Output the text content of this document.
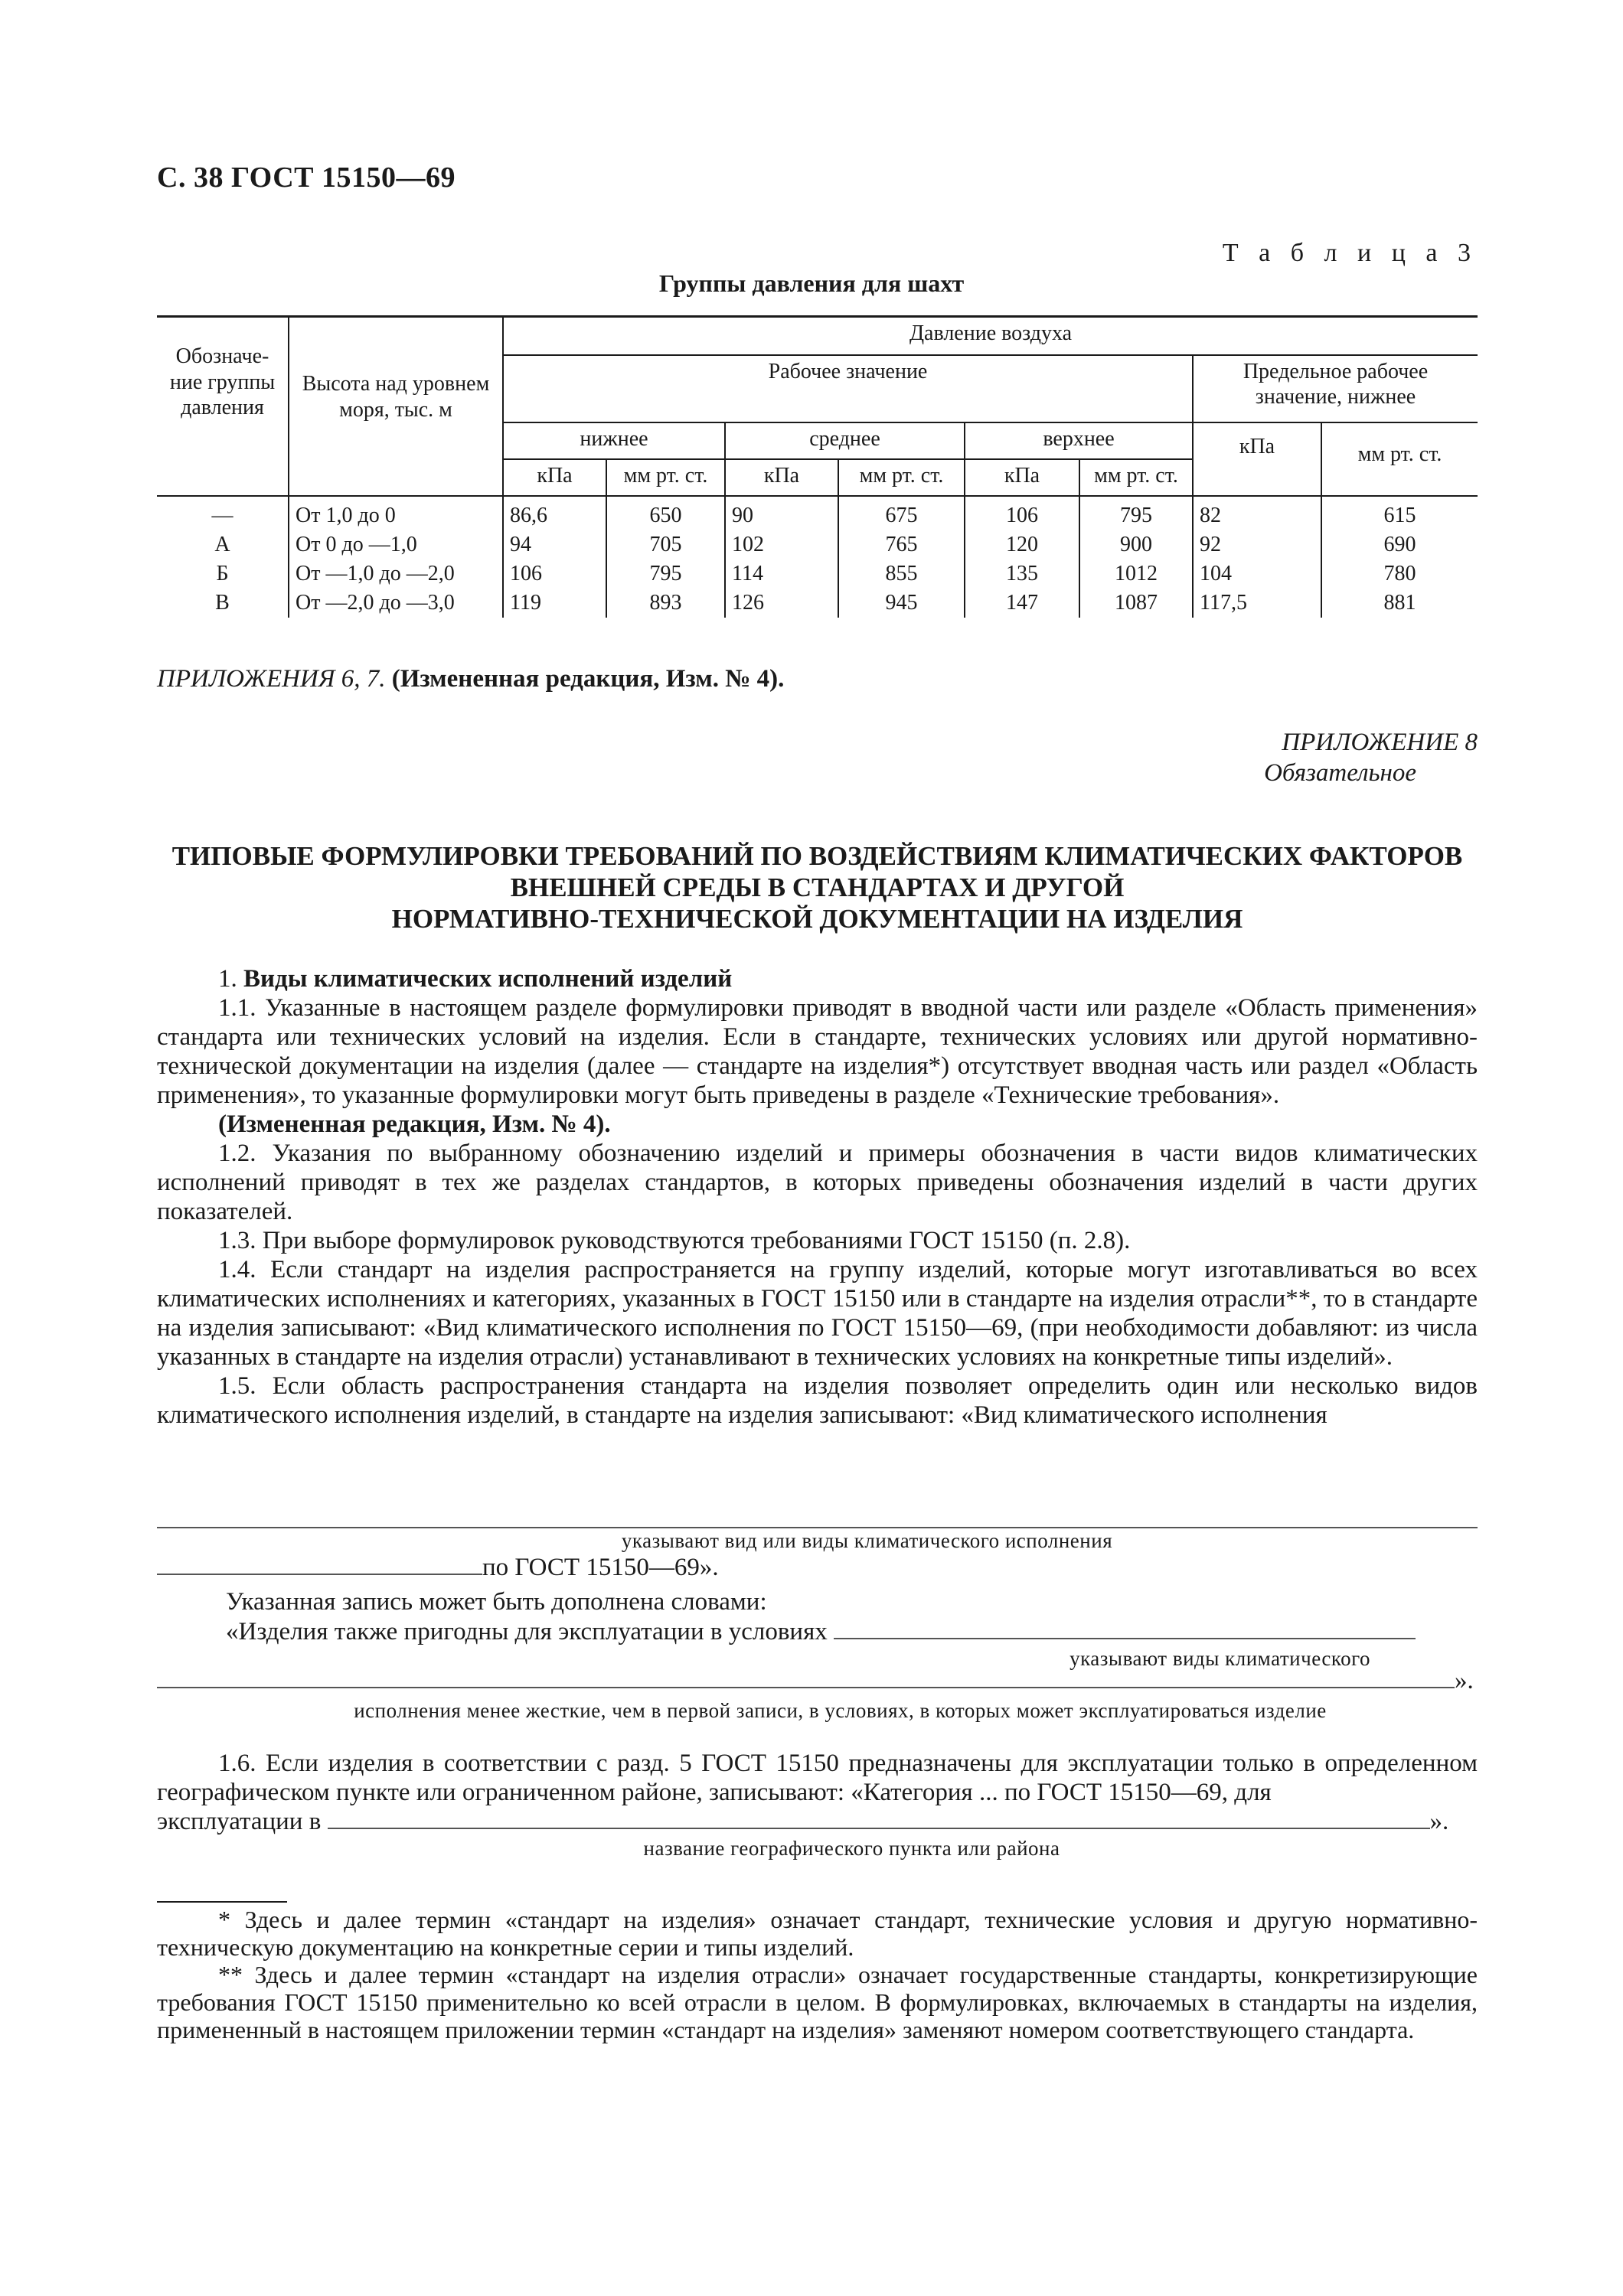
С. 38 ГОСТ 15150—69
Т а б л и ц а 3
Группы давления для шахт
Обозначе-ние группы давления	Высота над уровнем моря, тыс. м	Давление воздуха							
		Рабочее значение						Предельное рабочее значение, нижнее	
		нижнее		среднее		верхнее		кПа	мм рт. ст.
		кПа	мм рт. ст.	кПа	мм рт. ст.	кПа	мм рт. ст.		
—	От 1,0 до 0	86,6	650	90	675	106	795	82	615
А	От 0 до —1,0	94	705	102	765	120	900	92	690
Б	От —1,0 до —2,0	106	795	114	855	135	1012	104	780
В	От —2,0 до —3,0	119	893	126	945	147	1087	117,5	881
ПРИЛОЖЕНИЯ 6, 7. (Измененная редакция, Изм. № 4).
ПРИЛОЖЕНИЕ 8
Обязательное
ТИПОВЫЕ ФОРМУЛИРОВКИ ТРЕБОВАНИЙ ПО ВОЗДЕЙСТВИЯМ КЛИМАТИЧЕСКИХ ФАКТОРОВ
ВНЕШНЕЙ СРЕДЫ В СТАНДАРТАХ И ДРУГОЙ
НОРМАТИВНО-ТЕХНИЧЕСКОЙ ДОКУМЕНТАЦИИ НА ИЗДЕЛИЯ

1. Виды климатических исполнений изделий

1.1. Указанные в настоящем разделе формулировки приводят в вводной части или разделе «Область применения» стандарта или технических условий на изделия. Если в стандарте, технических условиях или другой нормативно-технической документации на изделия (далее — стандарте на изделия*) отсутствует вводная часть или раздел «Область применения», то указанные формулировки могут быть приведены в разделе «Технические требования».

(Измененная редакция, Изм. № 4).

1.2. Указания по выбранному обозначению изделий и примеры обозначения в части видов климатических исполнений приводят в тех же разделах стандартов, в которых приведены обозначения изделий в части других показателей.

1.3. При выборе формулировок руководствуются требованиями ГОСТ 15150 (п. 2.8).

1.4. Если стандарт на изделия распространяется на группу изделий, которые могут изготавливаться во всех климатических исполнениях и категориях, указанных в ГОСТ 15150 или в стандарте на изделия отрасли**, то в стандарте на изделия записывают: «Вид климатического исполнения по ГОСТ 15150—69, (при необходимости добавляют: из числа указанных в стандарте на изделия отрасли) устанавливают в технических условиях на конкретные типы изделий».

1.5. Если область распространения стандарта на изделия позволяет определить один или несколько видов климатического исполнения изделий, в стандарте на изделия записывают: «Вид климатического исполнения

указывают вид или виды климатического исполнения
по ГОСТ 15150—69».
Указанная запись может быть дополнена словами:
«Изделия также пригодны для эксплуатации в условиях
указывают виды климатического
».
исполнения менее жесткие, чем в первой записи, в условиях, в которых может эксплуатироваться изделие
1.6. Если изделия в соответствии с разд. 5 ГОСТ 15150 предназначены для эксплуатации только в определенном географическом пункте или ограниченном районе, записывают: «Категория ... по ГОСТ 15150—69, для
эксплуатации в	».
название географического пункта или района

* Здесь и далее термин «стандарт на изделия» означает стандарт, технические условия и другую нормативно-техническую документацию на конкретные серии и типы изделий.

** Здесь и далее термин «стандарт на изделия отрасли» означает государственные стандарты, конкретизирующие требования ГОСТ 15150 применительно ко всей отрасли в целом. В формулировках, включаемых в стандарты на изделия, примененный в настоящем приложении термин «стандарт на изделия» заменяют номером соответствующего стандарта.
